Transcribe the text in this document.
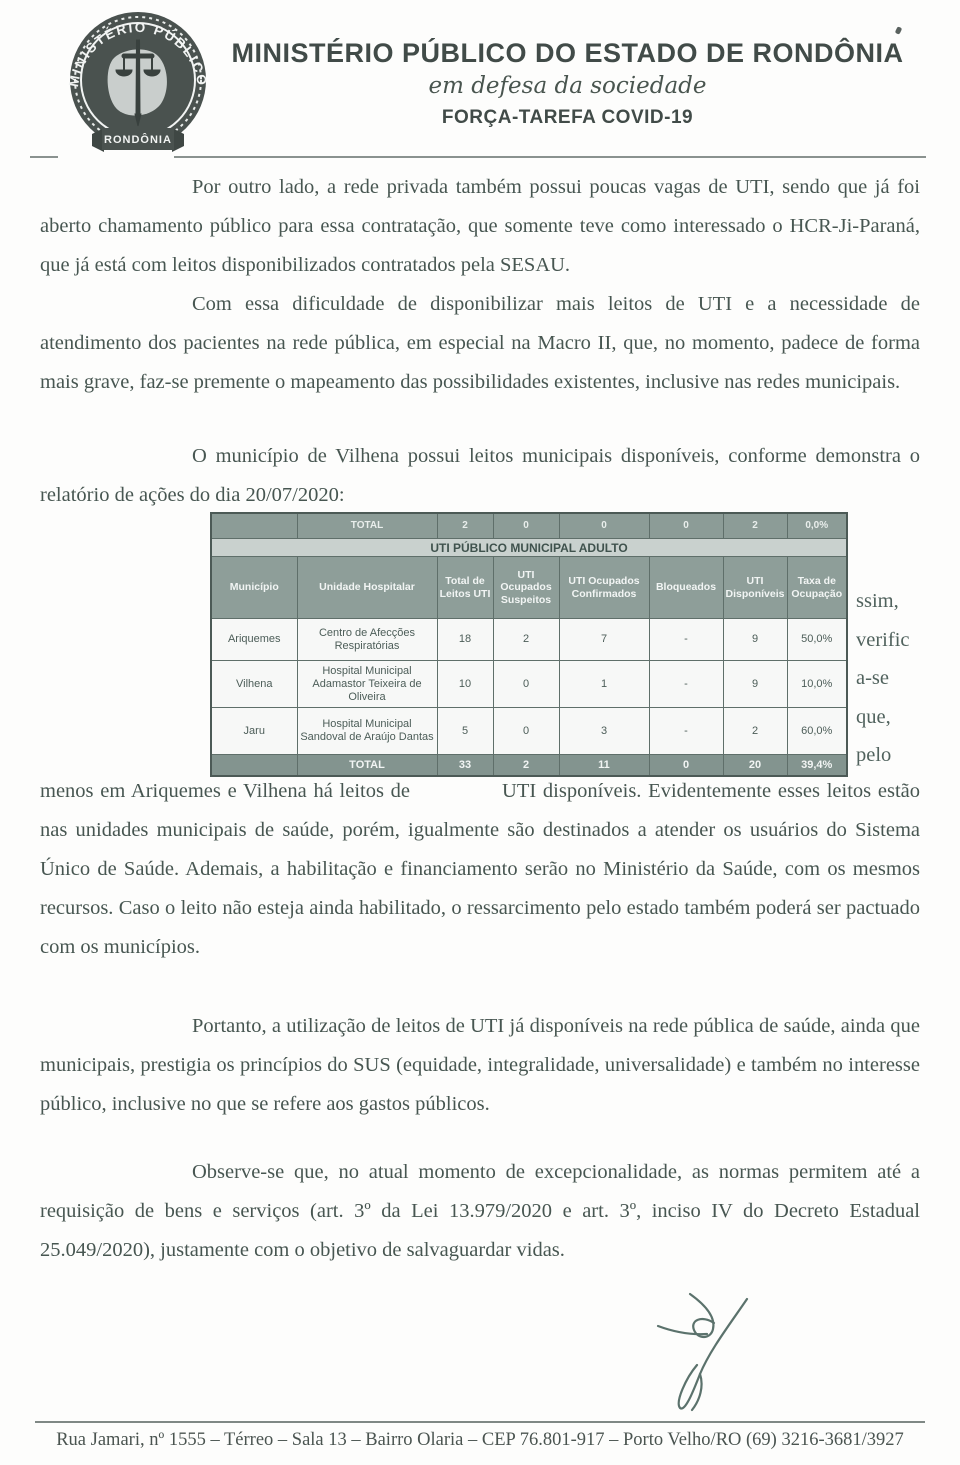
MINISTÉRIO PÚBLICO
RONDÔNIA
MINISTÉRIO PÚBLICO DO ESTADO DE RONDÔNIA
em defesa da sociedade
FORÇA-TAREFA COVID-19

Por outro lado, a rede privada também possui poucas vagas de UTI, sendo que já foi aberto chamamento público para essa contratação, que somente teve como interessado o HCR-Ji-Paraná, que já está com leitos disponibilizados contratados pela SESAU.

Com essa dificuldade de disponibilizar mais leitos de UTI e a necessidade de atendimento dos pacientes na rede pública, em especial na Macro II, que, no momento, padece de forma mais grave, faz-se premente o mapeamento das possibilidades existentes, inclusive nas redes municipais.

O município de Vilhena possui leitos municipais disponíveis, conforme demonstra o relatório de ações do dia 20/07/2020:

	TOTAL	2	0	0	0	2	0,0%
UTI PÚBLICO MUNICIPAL ADULTO							
Município	Unidade Hospitalar	Total de Leitos UTI	UTI Ocupados Suspeitos	UTI Ocupados Confirmados	Bloqueados	UTI Disponíveis	Taxa de Ocupação
Ariquemes	Centro de Afecções Respiratórias	18	2	7	-	9	50,0%
Vilhena	Hospital Municipal Adamastor Teixeira de Oliveira	10	0	1	-	9	10,0%
Jaru	Hospital Municipal Sandoval de Araújo Dantas	5	0	3	-	2	60,0%
	TOTAL	33	2	11	0	20	39,4%
ssim,
verific
a-se
que,
pelo

menos em Ariquemes e Vilhena há leitos de	UTI disponíveis. Evidentemente esses leitos estão nas unidades municipais de saúde, porém, igualmente são destinados a atender os usuários do Sistema Único de Saúde. Ademais, a habilitação e financiamento serão no Ministério da Saúde, com os mesmos recursos. Caso o leito não esteja ainda habilitado, o ressarcimento pelo estado também poderá ser pactuado com os municípios.

Portanto, a utilização de leitos de UTI já disponíveis na rede pública de saúde, ainda que municipais, prestigia os princípios do SUS (equidade, integralidade, universalidade) e também no interesse público, inclusive no que se refere aos gastos públicos.

Observe-se que, no atual momento de excepcionalidade, as normas permitem até a requisição de bens e serviços (art. 3º da Lei 13.979/2020 e art. 3º, inciso IV do Decreto Estadual 25.049/2020), justamente com o objetivo de salvaguardar vidas.

Rua Jamari, nº 1555 – Térreo – Sala 13 – Bairro Olaria – CEP 76.801-917 – Porto Velho/RO (69) 3216-3681/3927
